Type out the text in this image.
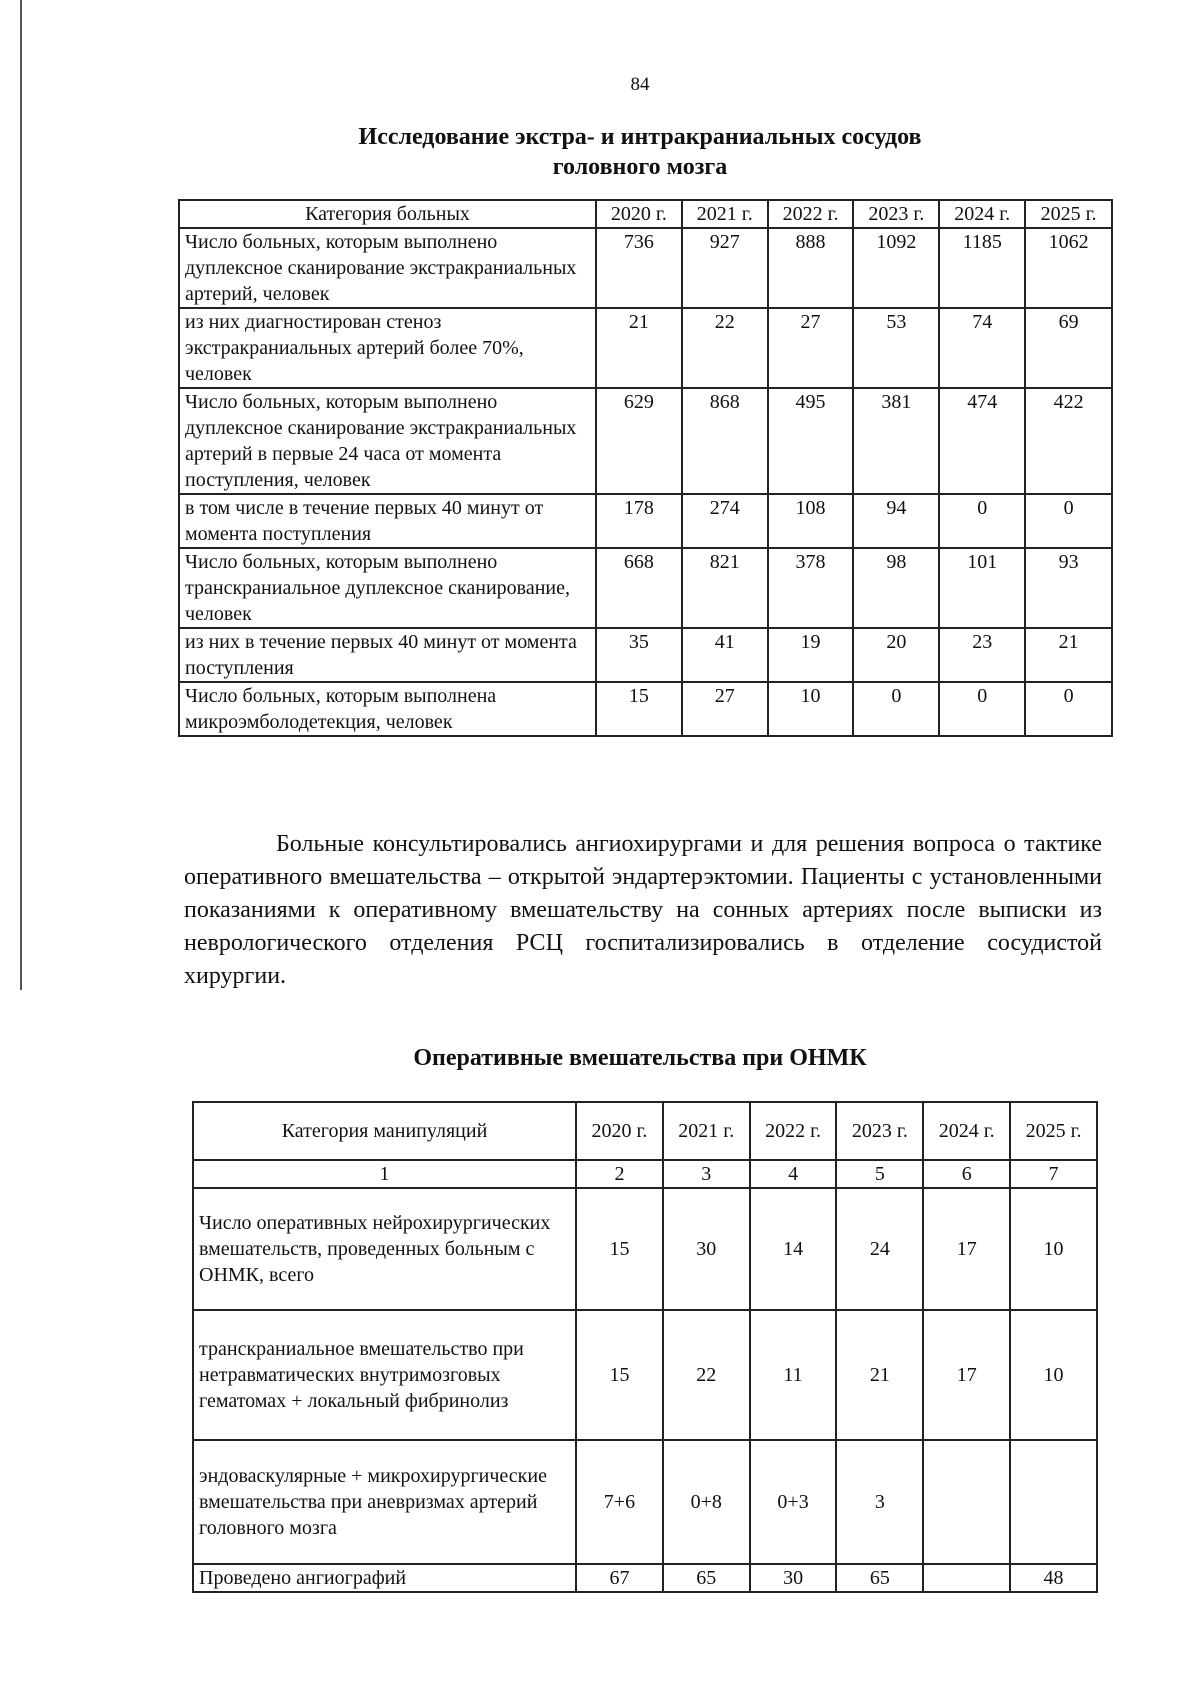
84
Исследование экстра- и интракраниальных сосудов
головного мозга
Категория больных	2020 г.	2021 г.	2022 г.	2023 г.	2024 г.	2025 г.
Число больных, которым выполнено дуплексное сканирование экстракраниальных артерий, человек	736	927	888	1092	1185	1062
из них диагностирован стеноз экстракраниальных артерий более 70%, человек	21	22	27	53	74	69
Число больных, которым выполнено дуплексное сканирование экстракраниальных артерий в первые 24 часа от момента поступления, человек	629	868	495	381	474	422
в том числе в течение первых 40 минут от момента поступления	178	274	108	94	0	0
Число больных, которым выполнено транскраниальное дуплексное сканирование, человек	668	821	378	98	101	93
из них в течение первых 40 минут от момента поступления	35	41	19	20	23	21
Число больных, которым выполнена микроэмболодетекция, человек	15	27	10	0	0	0

Больные консультировались ангиохирургами и для решения вопроса о тактике оперативного вмешательства – открытой эндартерэктомии. Пациенты с установленными показаниями к оперативному вмешательству на сонных артериях после выписки из неврологического отделения РСЦ госпитализировались в отделение сосудистой хирургии.

Оперативные вмешательства при ОНМК
Категория манипуляций	2020 г.	2021 г.	2022 г.	2023 г.	2024 г.	2025 г.
1	2	3	4	5	6	7
Число оперативных нейрохирургических вмешательств, проведенных больным с ОНМК, всего	15	30	14	24	17	10
транскраниальное вмешательство при нетравматических внутримозговых гематомах + локальный фибринолиз	15	22	11	21	17	10
эндоваскулярные + микрохирургические вмешательства при аневризмах артерий головного мозга	7+6	0+8	0+3	3		
Проведено ангиографий	67	65	30	65		48
